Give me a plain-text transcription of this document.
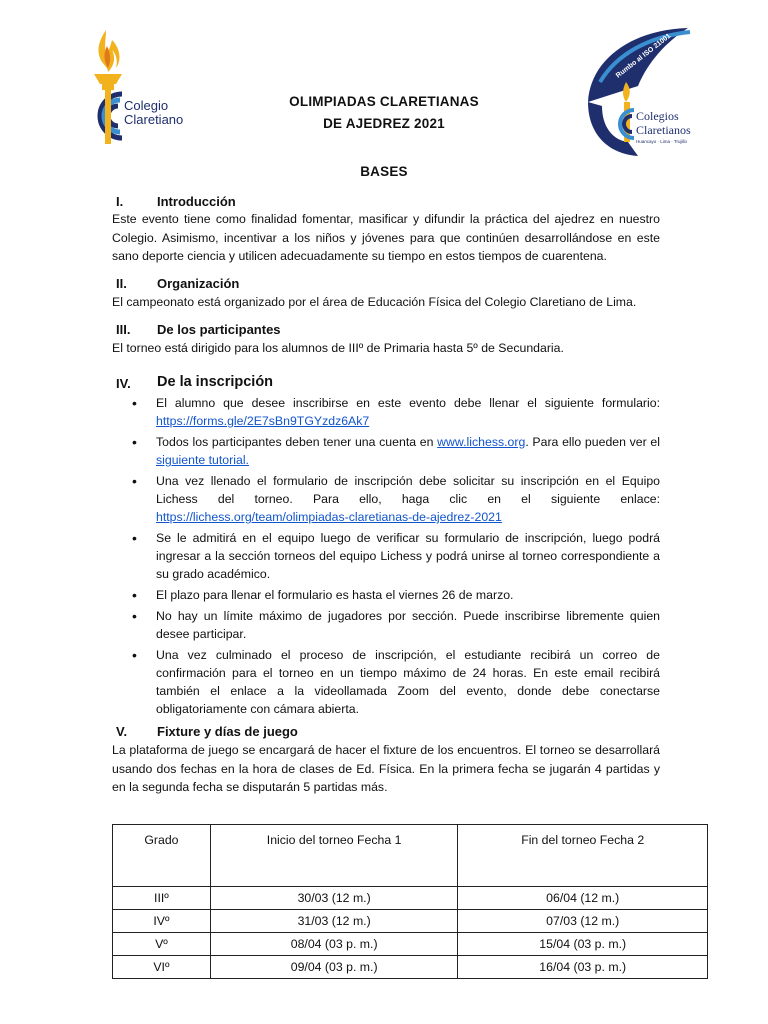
Colegio
Claretiano
Rumbo al ISO 21001
Colegios
Claretianos
Huancayo · Lima · Trujillo
OLIMPIADAS CLARETIANAS
DE AJEDREZ 2021
BASES
I.	Introducción
Este evento tiene como finalidad fomentar, masificar y difundir la práctica del ajedrez en nuestro Colegio. Asimismo, incentivar a los niños y jóvenes para que continúen desarrollándose en este sano deporte ciencia y utilicen adecuadamente su tiempo en estos tiempos de cuarentena.
II. Organización
El campeonato está organizado por el área de Educación Física del Colegio Claretiano de Lima.
III. De los participantes
El torneo está dirigido para los alumnos de IIIº de Primaria hasta 5º de Secundaria.
IV. De la inscripción
• El alumno que desee inscribirse en este evento debe llenar el siguiente formulario: https://forms.gle/2E7sBn9TGYzdz6Ak7
• Todos los participantes deben tener una cuenta en www.lichess.org. Para ello pueden ver el siguiente tutorial.
• Una vez llenado el formulario de inscripción debe solicitar su inscripción en el Equipo Lichess del torneo. Para ello, haga clic en el siguiente enlace: https://lichess.org/team/olimpiadas-claretianas-de-ajedrez-2021
• Se le admitirá en el equipo luego de verificar su formulario de inscripción, luego podrá ingresar a la sección torneos del equipo Lichess y podrá unirse al torneo correspondiente a su grado académico.
• El plazo para llenar el formulario es hasta el viernes 26 de marzo.
• No hay un límite máximo de jugadores por sección. Puede inscribirse libremente quien desee participar.
• Una vez culminado el proceso de inscripción, el estudiante recibirá un correo de confirmación para el torneo en un tiempo máximo de 24 horas. En este email recibirá también el enlace a la videollamada Zoom del evento, donde debe conectarse obligatoriamente con cámara abierta.
V. Fixture y días de juego
La plataforma de juego se encargará de hacer el fixture de los encuentros. El torneo se desarrollará usando dos fechas en la hora de clases de Ed. Física. En la primera fecha se jugarán 4 partidas y en la segunda fecha se disputarán 5 partidas más.
Grado	Inicio del torneo Fecha 1	Fin del torneo Fecha 2
IIIº	30/03 (12 m.)	06/04 (12 m.)
IVº	31/03 (12 m.)	07/03 (12 m.)
Vº	08/04 (03 p. m.)	15/04 (03 p. m.)
VIº	09/04 (03 p. m.)	16/04 (03 p. m.)
